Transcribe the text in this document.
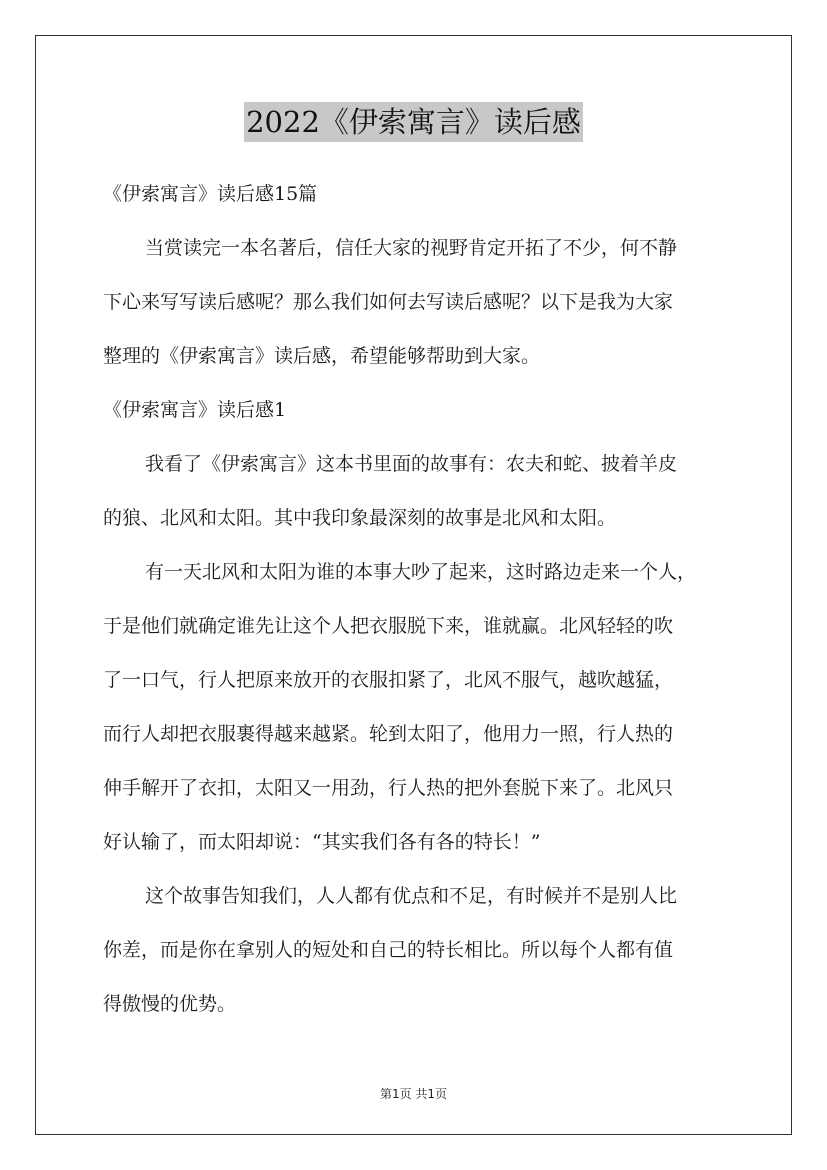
2022《伊索寓言》读后感
《伊索寓言》读后感15篇
当赏读完一本名著后，信任大家的视野肯定开拓了不少，何不静
下心来写写读后感呢？那么我们如何去写读后感呢？以下是我为大家
整理的《伊索寓言》读后感，希望能够帮助到大家。
《伊索寓言》读后感1
我看了《伊索寓言》这本书里面的故事有：农夫和蛇、披着羊皮
的狼、北风和太阳。其中我印象最深刻的故事是北风和太阳。
有一天北风和太阳为谁的本事大吵了起来，这时路边走来一个人，
于是他们就确定谁先让这个人把衣服脱下来，谁就赢。北风轻轻的吹
了一口气，行人把原来放开的衣服扣紧了，北风不服气，越吹越猛，
而行人却把衣服裹得越来越紧。轮到太阳了，他用力一照，行人热的
伸手解开了衣扣，太阳又一用劲，行人热的把外套脱下来了。北风只
好认输了，而太阳却说：“其实我们各有各的特长！”
这个故事告知我们，人人都有优点和不足，有时候并不是别人比
你差，而是你在拿别人的短处和自己的特长相比。所以每个人都有值
得傲慢的优势。
第1页 共1页
